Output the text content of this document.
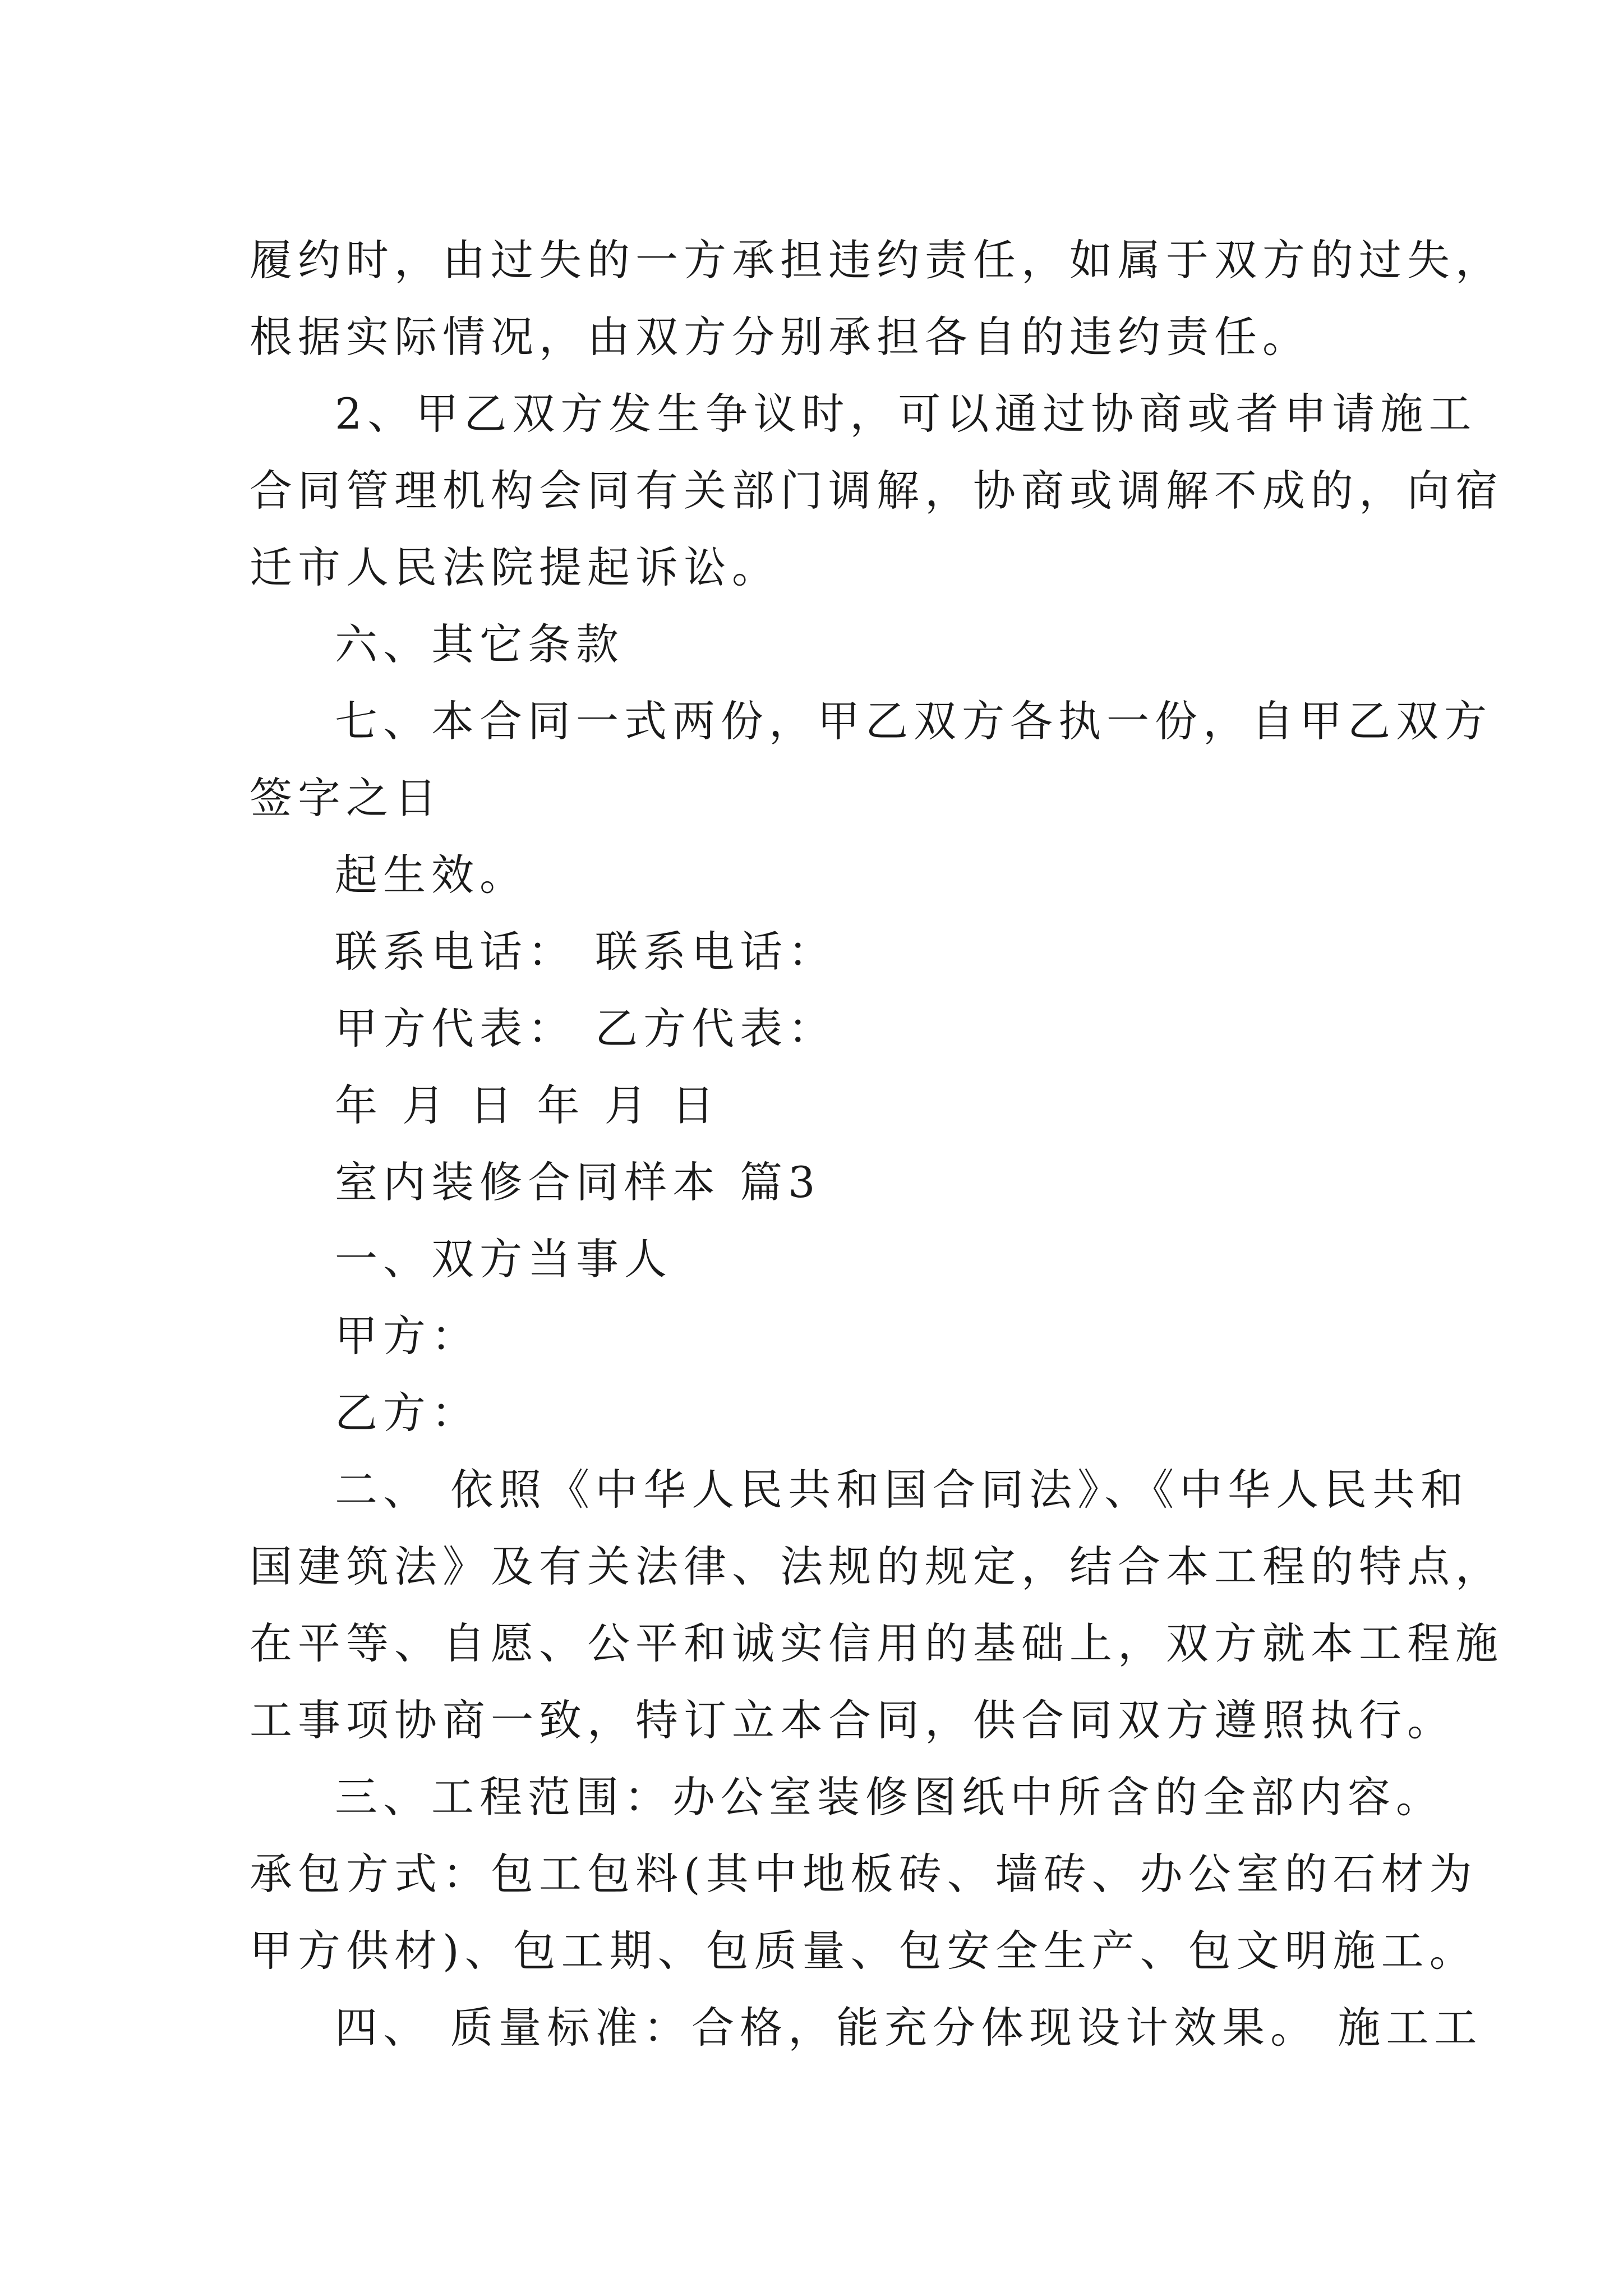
履约时，由过失的一方承担违约责任，如属于双方的过失，
根据实际情况，由双方分别承担各自的违约责任。
2、甲乙双方发生争议时，可以通过协商或者申请施工
合同管理机构会同有关部门调解，协商或调解不成的，向宿
迁市人民法院提起诉讼。
六、其它条款
七、本合同一式两份，甲乙双方各执一份，自甲乙双方
签字之日
起生效。
联系电话： 联系电话：
甲方代表： 乙方代表：
年 月 日 年 月 日
室内装修合同样本 篇3
一、双方当事人
甲方：
乙方：
二、 依照《中华人民共和国合同法》、《中华人民共和
国建筑法》及有关法律、法规的规定，结合本工程的特点，
在平等、自愿、公平和诚实信用的基础上，双方就本工程施
工事项协商一致，特订立本合同，供合同双方遵照执行。
三、工程范围：办公室装修图纸中所含的全部内容。
承包方式：包工包料(其中地板砖、墙砖、办公室的石材为
甲方供材)、包工期、包质量、包安全生产、包文明施工。
四、 质量标准：合格，能充分体现设计效果。 施工工
